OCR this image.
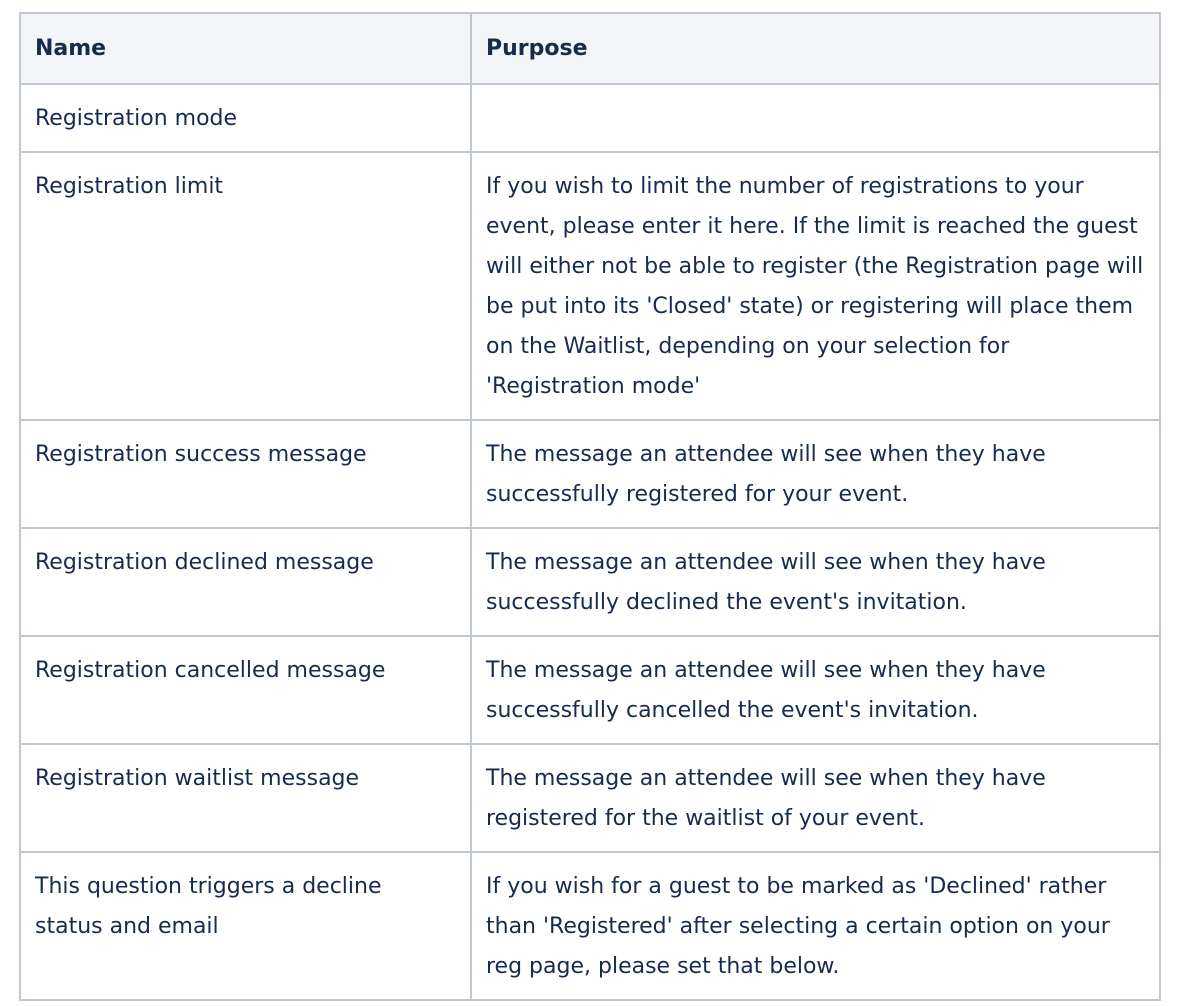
Name	Purpose
Registration mode	
Registration limit	If you wish to limit the number of registrations to your event, please enter it here. If the limit is reached the guest will either not be able to register (the Registration page will be put into its 'Closed' state) or registering will place them on the Waitlist, depending on your selection for 'Registration mode'
Registration success message	The message an attendee will see when they have successfully registered for your event.
Registration declined message	The message an attendee will see when they have successfully declined the event's invitation.
Registration cancelled message	The message an attendee will see when they have successfully cancelled the event's invitation.
Registration waitlist message	The message an attendee will see when they have registered for the waitlist of your event.
This question triggers a decline status and email	If you wish for a guest to be marked as 'Declined' rather than 'Registered' after selecting a certain option on your reg page, please set that below.
